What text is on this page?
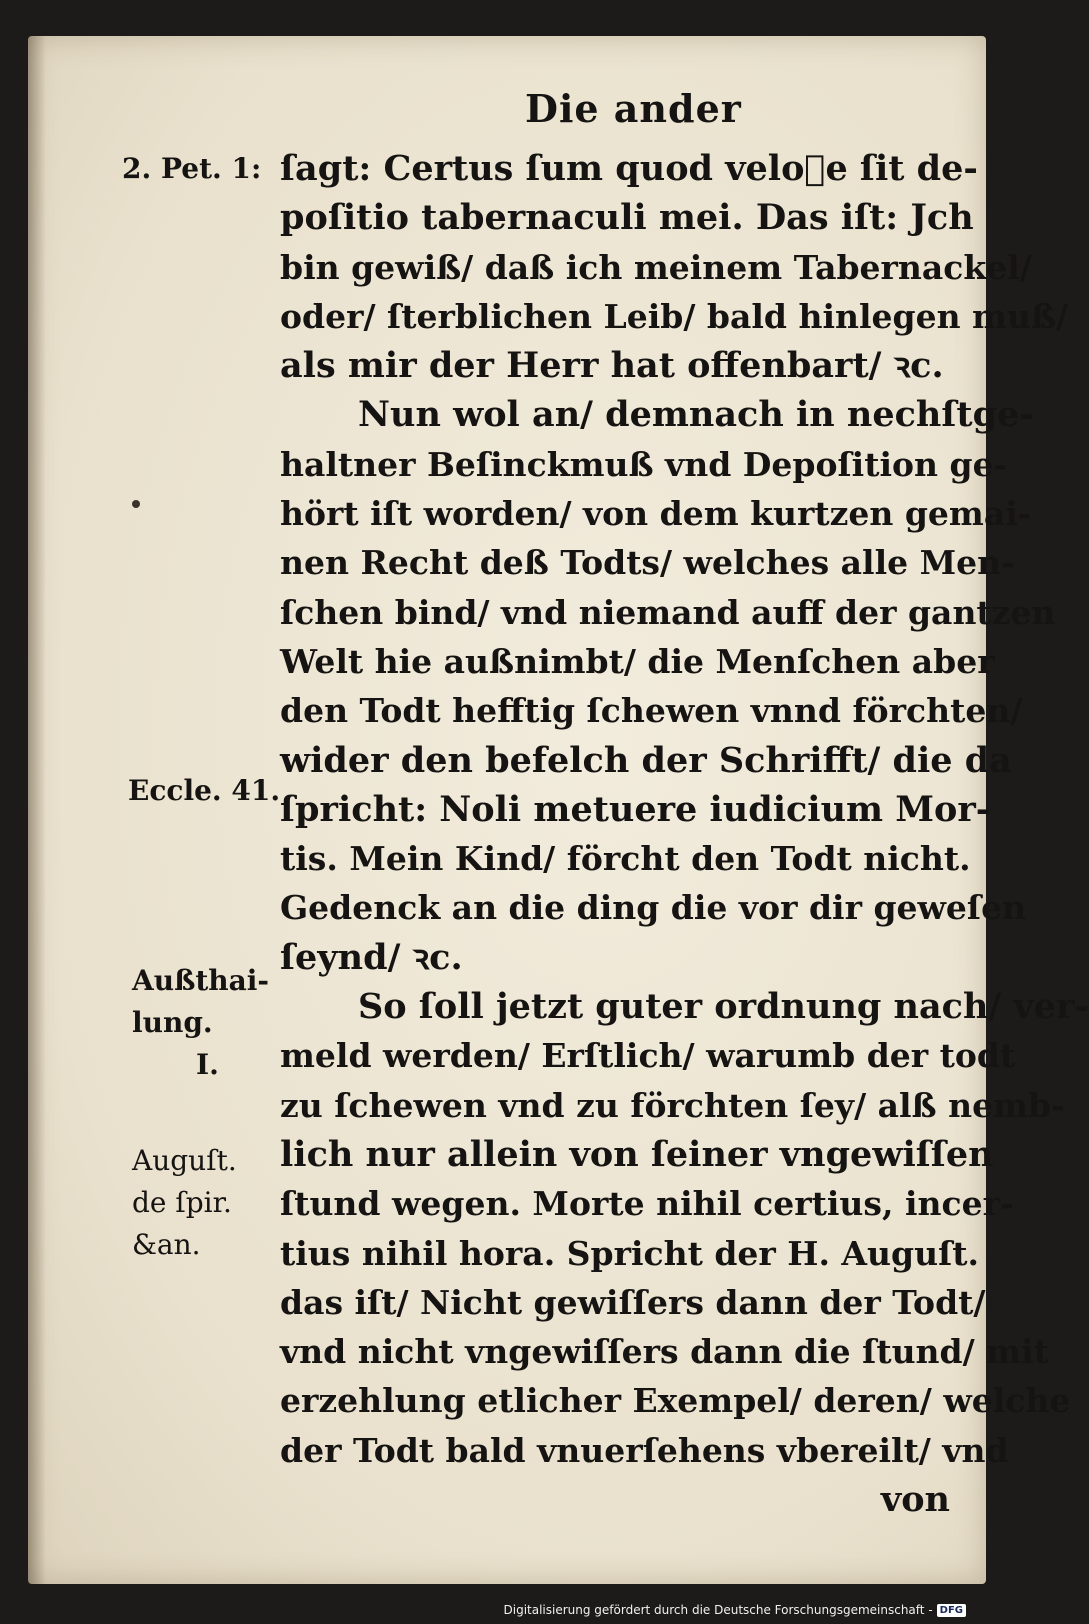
Die ander
2. Pet. 1:
Eccle. 41.
Außthai-
lung.
I.
Auguſt.
de ſpir.
&an.
ſagt: Certus ſum quod velo᷑e ſit de-
poſitio tabernaculi mei. Das iſt: Jch
bin gewiß/ daß ich meinem Tabernackel/
oder/ ſterblichen Leib/ bald hinlegen muß/
als mir der Herr hat offenbart/ ꝛc.
Nun wol an/ demnach in nechſtge-
haltner Beſinckmuß vnd Depoſition ge-
hört iſt worden/ von dem kurtzen gemai-
nen Recht deß Todts/ welches alle Men-
ſchen bind/ vnd niemand auff der gantzen
Welt hie außnimbt/ die Menſchen aber
den Todt hefftig ſchewen vnnd förchten/
wider den befelch der Schrifft/ die da
ſpricht: Noli metuere iudicium Mor-
tis. Mein Kind/ förcht den Todt nicht.
Gedenck an die ding die vor dir geweſen
ſeynd/ ꝛc.
So ſoll jetzt guter ordnung nach/ ver-
meld werden/ Erſtlich/ warumb der todt
zu ſchewen vnd zu förchten ſey/ alß nemb-
lich nur allein von ſeiner vngewiſſen
ſtund wegen. Morte nihil certius, incer-
tius nihil hora. Spricht der H. Auguſt.
das iſt/ Nicht gewiſſers dann der Todt/
vnd nicht vngewiſſers dann die ſtund/ mit
erzehlung etlicher Exempel/ deren/ welche
der Todt bald vnuerſehens vbereilt/ vnd
von
Digitalisierung gefördert durch die Deutsche Forschungsgemeinschaft - DFG
